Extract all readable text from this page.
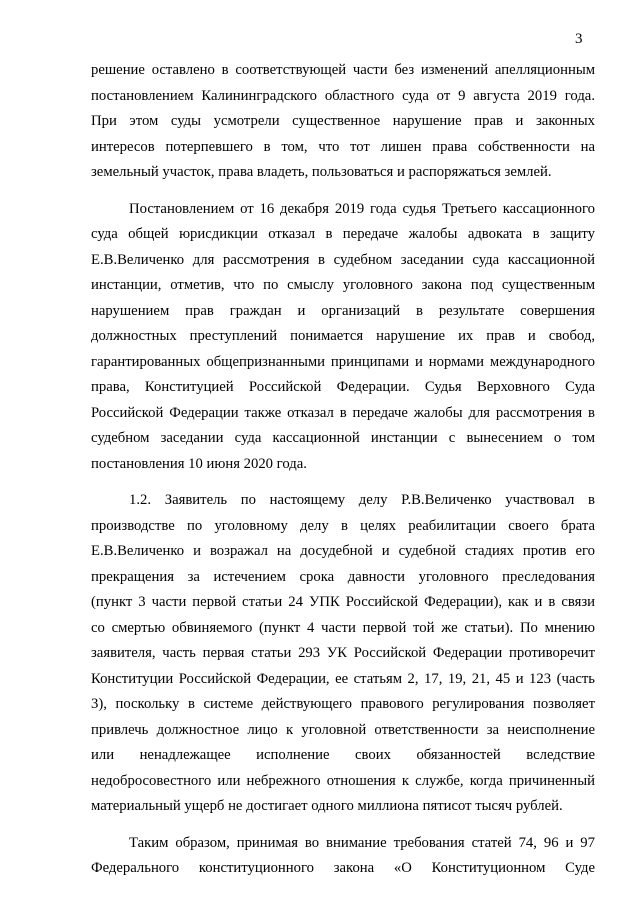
3
решение оставлено в соответствующей части без изменений апелляционным
постановлением Калининградского областного суда от 9 августа 2019 года.
При этом суды усмотрели существенное нарушение прав и законных
интересов потерпевшего в том, что тот лишен права собственности на
земельный участок, права владеть, пользоваться и распоряжаться землей.
Постановлением от 16 декабря 2019 года судья Третьего кассационного
суда общей юрисдикции отказал в передаче жалобы адвоката в защиту
Е.В.Величенко для рассмотрения в судебном заседании суда кассационной
инстанции, отметив, что по смыслу уголовного закона под существенным
нарушением прав граждан и организаций в результате совершения
должностных преступлений понимается нарушение их прав и свобод,
гарантированных общепризнанными принципами и нормами международного
права, Конституцией Российской Федерации. Судья Верховного Суда
Российской Федерации также отказал в передаче жалобы для рассмотрения в
судебном заседании суда кассационной инстанции с вынесением о том
постановления 10 июня 2020 года.
1.2. Заявитель по настоящему делу Р.В.Величенко участвовал в
производстве по уголовному делу в целях реабилитации своего брата
Е.В.Величенко и возражал на досудебной и судебной стадиях против его
прекращения за истечением срока давности уголовного преследования
(пункт 3 части первой статьи 24 УПК Российской Федерации), как и в связи
со смертью обвиняемого (пункт 4 части первой той же статьи). По мнению
заявителя, часть первая статьи 293 УК Российской Федерации противоречит
Конституции Российской Федерации, ее статьям 2, 17, 19, 21, 45 и 123 (часть
3), поскольку в системе действующего правового регулирования позволяет
привлечь должностное лицо к уголовной ответственности за неисполнение
или ненадлежащее исполнение своих обязанностей вследствие
недобросовестного или небрежного отношения к службе, когда причиненный
материальный ущерб не достигает одного миллиона пятисот тысяч рублей.
Таким образом, принимая во внимание требования статей 74, 96 и 97
Федерального конституционного закона «О Конституционном Суде
